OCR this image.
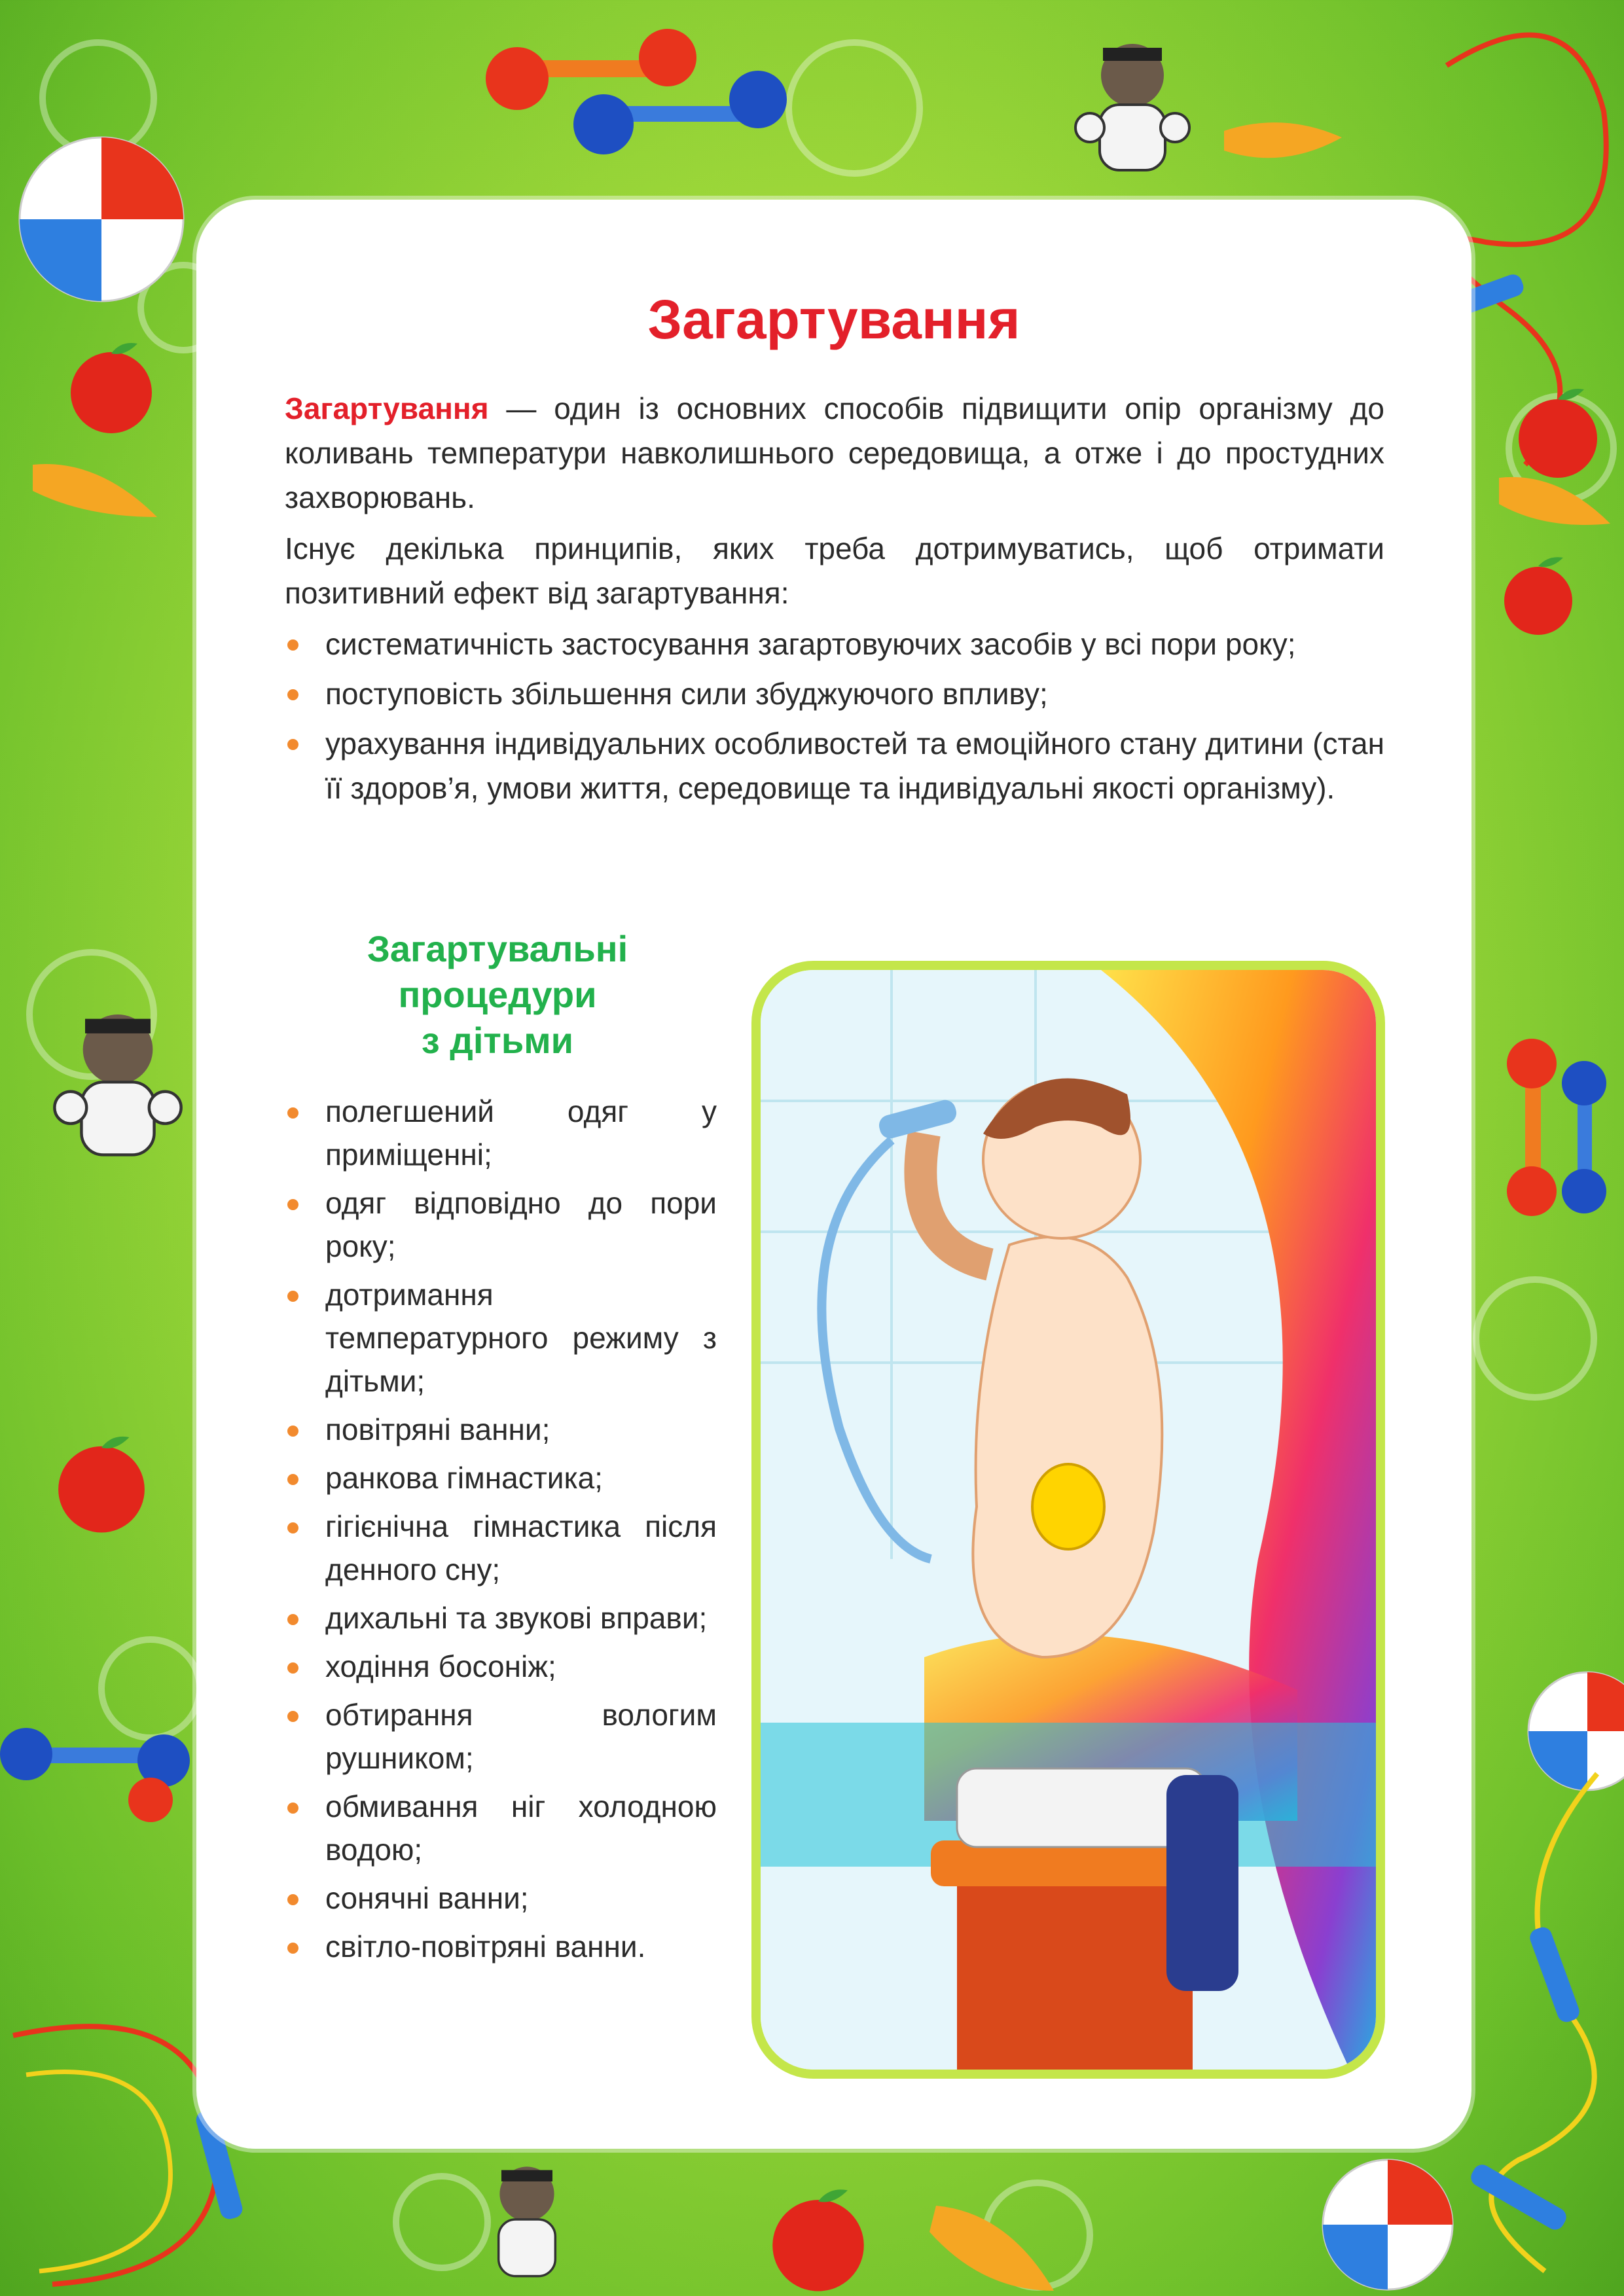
Загартування

Загартування — один із основних способів підвищити опір організму до коливань температури навколишнього середовища, а отже і до простудних захворювань.

Існує декілька принципів, яких треба дотримуватись, щоб отримати позитивний ефект від загартування:

систематичність застосування загартовуючих засобів у всі пори року;
поступовість збільшення сили збуджуючого впливу;
урахування індивідуальних особливостей та емоційного стану дитини (стан її здоров’я, умови життя, середовище та індивідуальні якості організму).
Загартувальні
процедури
з дітьми
полегшений одяг у приміщенні;
одяг відповідно до пори року;
дотримання температурного режиму з дітьми;
повітряні ванни;
ранкова гімнастика;
гігієнічна гімнастика після денного сну;
дихальні та звукові вправи;
ходіння босоніж;
обтирання вологим рушником;
обмивання ніг холодною водою;
сонячні ванни;
світло-повітряні ванни.
